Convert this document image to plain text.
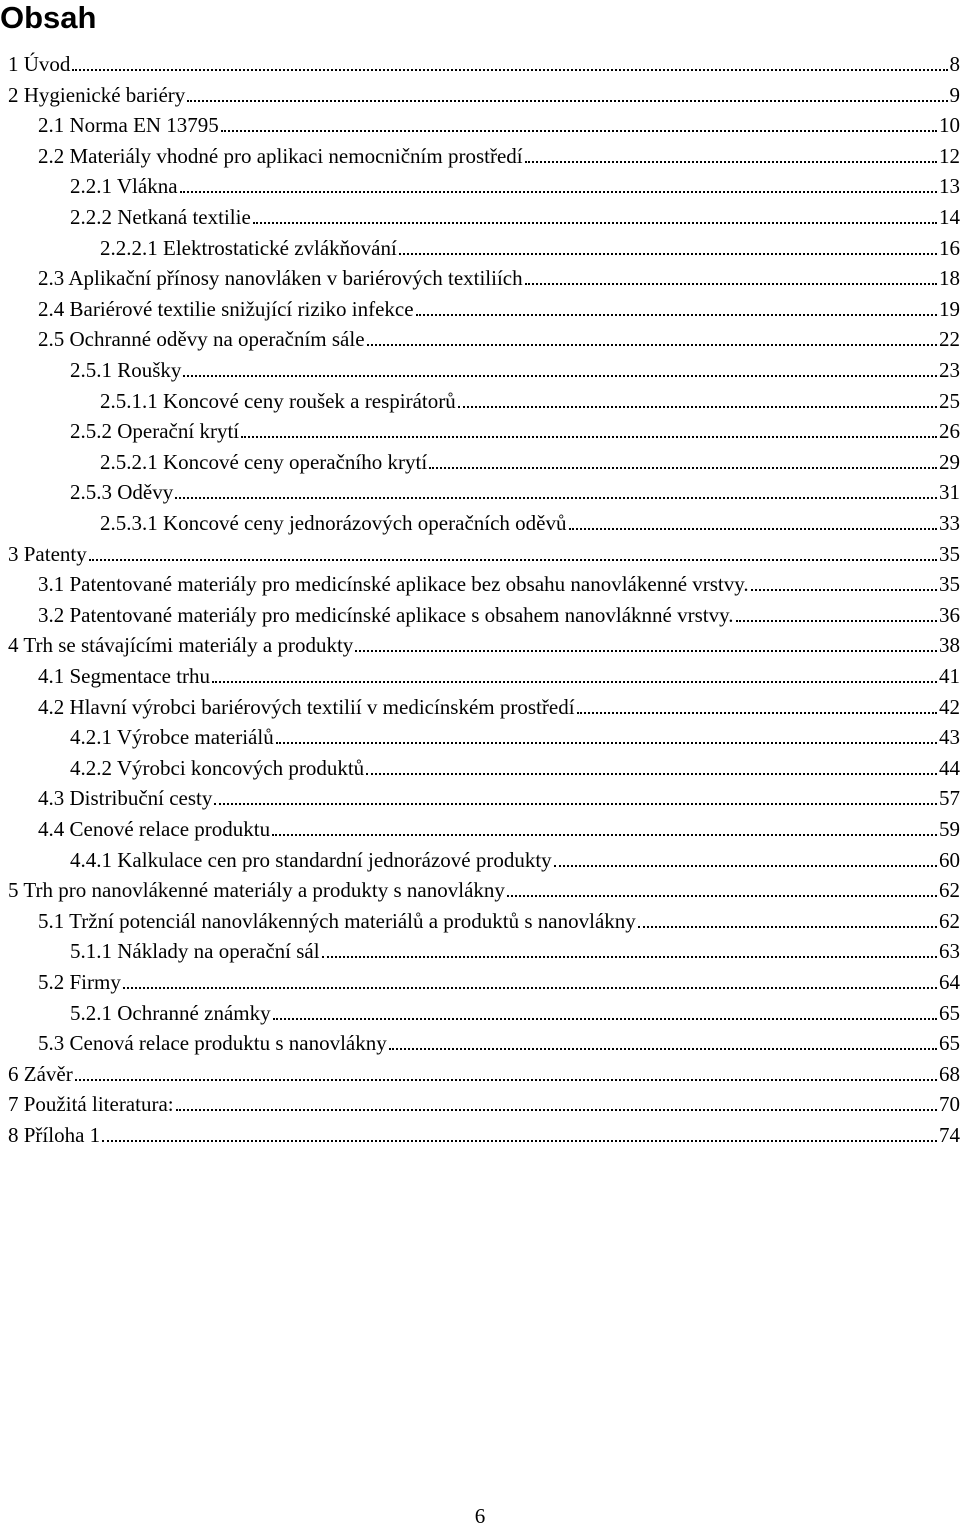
Obsah
1 Úvod	8
2 Hygienické bariéry	9
2.1 Norma EN 13795	10
2.2 Materiály vhodné pro aplikaci nemocničním prostředí	12
2.2.1 Vlákna	13
2.2.2 Netkaná textilie	14
2.2.2.1 Elektrostatické zvlákňování	16
2.3 Aplikační přínosy nanovláken v bariérových textiliích	18
2.4 Bariérové textilie snižující riziko infekce	19
2.5 Ochranné oděvy na operačním sále	22
2.5.1 Roušky	23
2.5.1.1 Koncové ceny roušek a respirátorů	25
2.5.2 Operační krytí	26
2.5.2.1 Koncové ceny operačního krytí	29
2.5.3 Oděvy	31
2.5.3.1 Koncové ceny jednorázových operačních oděvů	33
3 Patenty	35
3.1 Patentované materiály pro medicínské aplikace bez obsahu nanovlákenné vrstvy.	35
3.2 Patentované materiály pro medicínské aplikace s obsahem nanovláknné vrstvy.	36
4 Trh se stávajícími materiály a produkty	38
4.1 Segmentace trhu	41
4.2 Hlavní výrobci bariérových textilií v medicínském prostředí	42
4.2.1 Výrobce materiálů	43
4.2.2 Výrobci koncových produktů	44
4.3 Distribuční cesty	57
4.4 Cenové relace produktu	59
4.4.1 Kalkulace cen pro standardní jednorázové produkty	60
5 Trh pro nanovlákenné materiály a produkty s nanovlákny	62
5.1 Tržní potenciál nanovlákenných materiálů a produktů s nanovlákny	62
5.1.1 Náklady na operační sál	63
5.2 Firmy	64
5.2.1 Ochranné známky	65
5.3 Cenová relace produktu s nanovlákny	65
6 Závěr	68
7 Použitá literatura:	70
8 Příloha 1	74
6
